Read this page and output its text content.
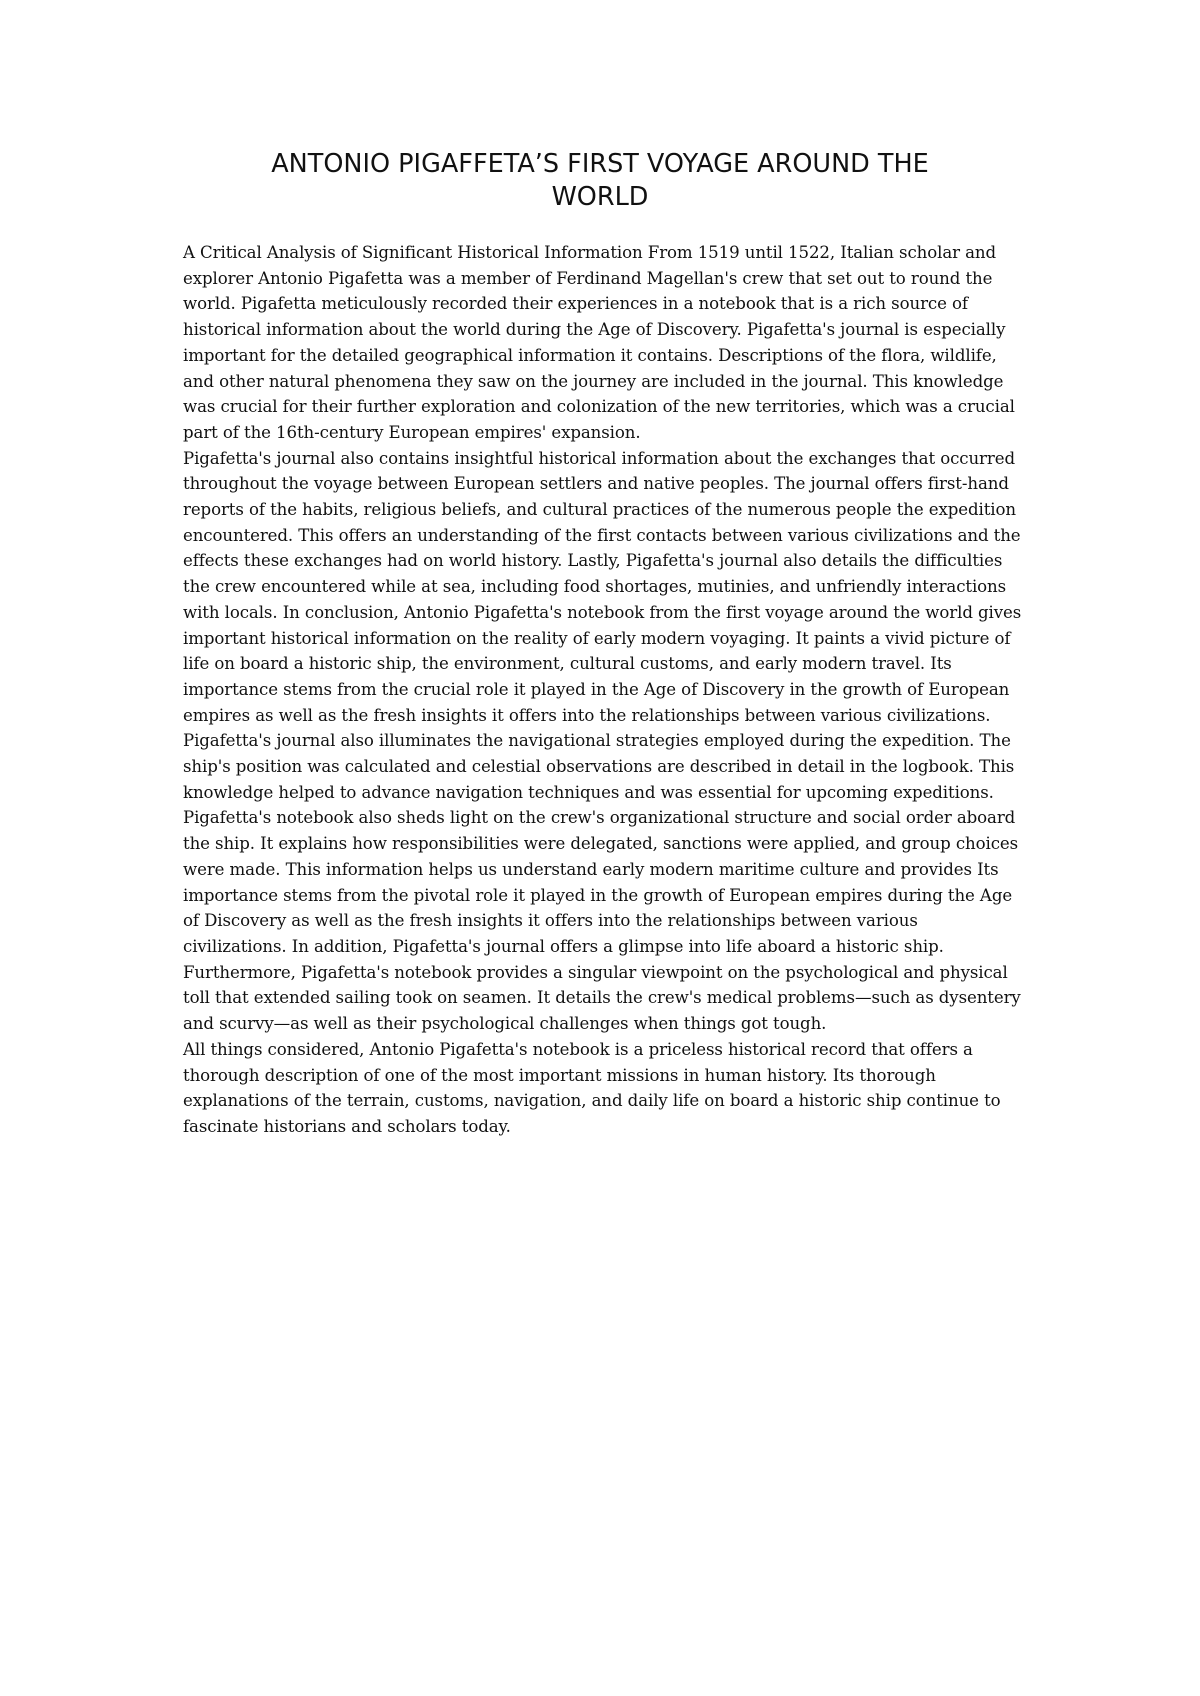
ANTONIO PIGAFFETA’S FIRST VOYAGE AROUND THE WORLD

A Critical Analysis of Significant Historical Information From 1519 until 1522, Italian scholar and explorer Antonio Pigafetta was a member of Ferdinand Magellan's crew that set out to round the world. Pigafetta meticulously recorded their experiences in a notebook that is a rich source of historical information about the world during the Age of Discovery. Pigafetta's journal is especially important for the detailed geographical information it contains. Descriptions of the flora, wildlife, and other natural phenomena they saw on the journey are included in the journal. This knowledge was crucial for their further exploration and colonization of the new territories, which was a crucial part of the 16th-century European empires' expansion.

Pigafetta's journal also contains insightful historical information about the exchanges that occurred throughout the voyage between European settlers and native peoples. The journal offers first-hand reports of the habits, religious beliefs, and cultural practices of the numerous people the expedition encountered. This offers an understanding of the first contacts between various civilizations and the effects these exchanges had on world history. Lastly, Pigafetta's journal also details the difficulties the crew encountered while at sea, including food shortages, mutinies, and unfriendly interactions with locals. In conclusion, Antonio Pigafetta's notebook from the first voyage around the world gives important historical information on the reality of early modern voyaging. It paints a vivid picture of life on board a historic ship, the environment, cultural customs, and early modern travel. Its importance stems from the crucial role it played in the Age of Discovery in the growth of European empires as well as the fresh insights it offers into the relationships between various civilizations. Pigafetta's journal also illuminates the navigational strategies employed during the expedition. The ship's position was calculated and celestial observations are described in detail in the logbook. This knowledge helped to advance navigation techniques and was essential for upcoming expeditions.

Pigafetta's notebook also sheds light on the crew's organizational structure and social order aboard the ship. It explains how responsibilities were delegated, sanctions were applied, and group choices were made. This information helps us understand early modern maritime culture and provides Its importance stems from the pivotal role it played in the growth of European empires during the Age of Discovery as well as the fresh insights it offers into the relationships between various civilizations. In addition, Pigafetta's journal offers a glimpse into life aboard a historic ship.

Furthermore, Pigafetta's notebook provides a singular viewpoint on the psychological and physical toll that extended sailing took on seamen. It details the crew's medical problems—such as dysentery and scurvy—as well as their psychological challenges when things got tough.

All things considered, Antonio Pigafetta's notebook is a priceless historical record that offers a thorough description of one of the most important missions in human history. Its thorough explanations of the terrain, customs, navigation, and daily life on board a historic ship continue to fascinate historians and scholars today.
